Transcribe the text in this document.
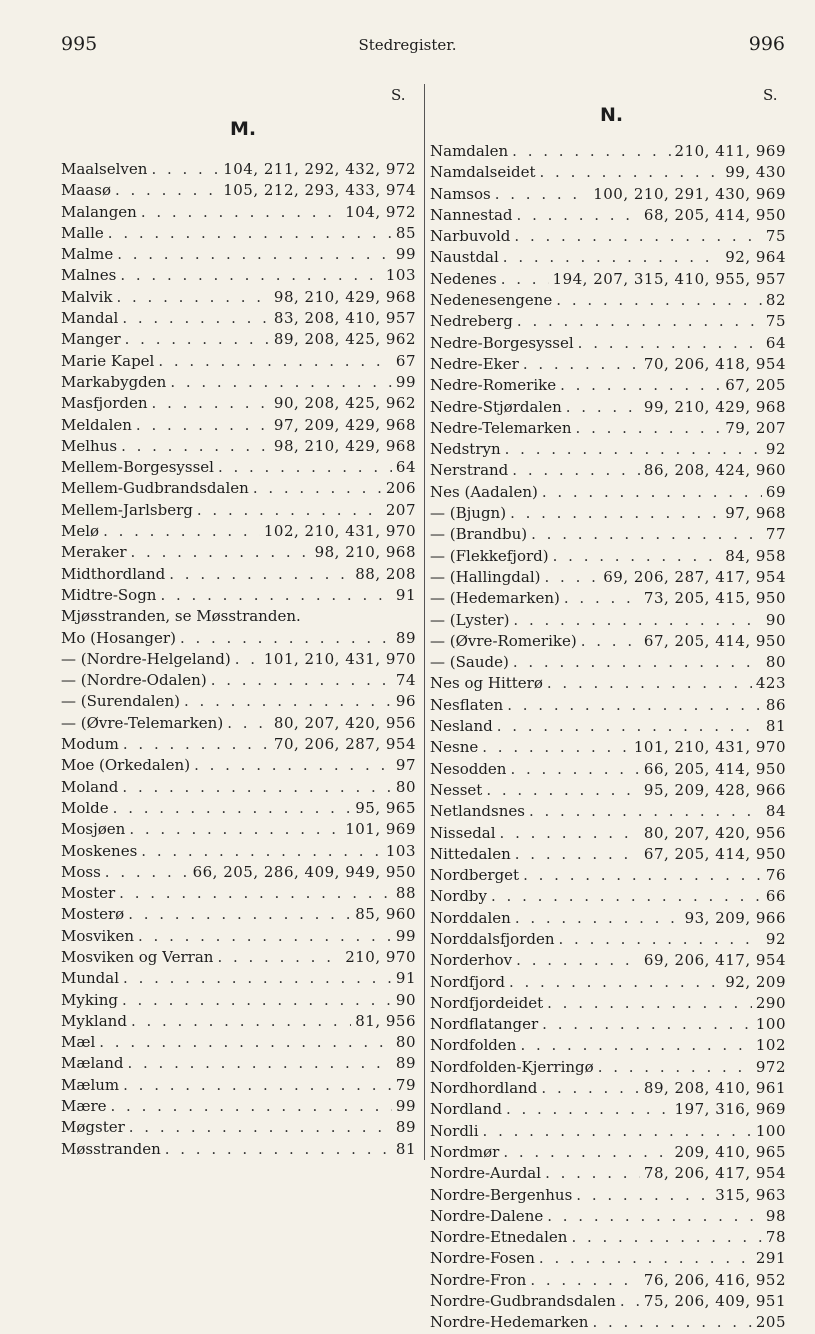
995	Stedregister.	996
S.	S.
M.
N.
Maalselven . . .	104, 211, 292, 432, 972
Maasø . . .	105, 212, 293, 433, 974
Malangen . . .	104, 972
Malle . . .	85
Malme . . .	99
Malnes . . .	103
Malvik . . .	98, 210, 429, 968
Mandal . . .	83, 208, 410, 957
Manger . . .	89, 208, 425, 962
Marie Kapel . . .	67
Markabygden . . .	99
Masfjorden . . .	90, 208, 425, 962
Meldalen . . .	97, 209, 429, 968
Melhus . . .	98, 210, 429, 968
Mellem-Borgesyssel . . .	64
Mellem-Gudbrandsdalen . . .	206
Mellem-Jarlsberg . . .	207
Melø . . .	102, 210, 431, 970
Meraker . . .	98, 210, 968
Midthordland . . .	88, 208
Midtre-Sogn . . .	91
Mjøsstranden, se Møsstranden.
Mo (Hosanger) . . .	89
— (Nordre-Helgeland) . . . 101, 210, 431, 970
— (Nordre-Odalen) . . .	74
— (Surendalen) . . .	96
— (Øvre-Telemarken) . . .	80, 207, 420, 956
Modum . . .	70, 206, 287, 954
Moe (Orkedalen) . . .	97
Moland . . .	80
Molde . . .	95, 965
Mosjøen . . .	101, 969
Moskenes . . .	103
Moss . . .	66, 205, 286, 409, 949, 950
Moster . . .	88
Mosterø . . .	85, 960
Mosviken . . .	99
Mosviken og Verran . . .	210, 970
Mundal . . .	91
Myking . . .	90
Mykland . . .	81, 956
Mæl . . .	80
Mæland . . .	89
Mælum . . .	79
Mære . . .	99
Møgster . . .	89
Møsstranden . . .	81
Namdalen . . .	210, 411, 969
Namdalseidet . . .	99, 430
Namsos . . .	100, 210, 291, 430, 969
Nannestad . . .	68, 205, 414, 950
Narbuvold . . .	75
Naustdal . . .	92, 964
Nedenes . . .	194, 207, 315, 410, 955, 957
Nedenesengene . . .	82
Nedreberg . . .	75
Nedre-Borgesyssel . . .	64
Nedre-Eker . . .	70, 206, 418, 954
Nedre-Romerike . . .	67, 205
Nedre-Stjørdalen . . .	99, 210, 429, 968
Nedre-Telemarken . . .	79, 207
Nedstryn . . .	92
Nerstrand . . .	86, 208, 424, 960
Nes (Aadalen) . . .	69
— (Bjugn) . . .	97, 968
— (Brandbu) . . .	77
— (Flekkefjord) . . .	84, 958
— (Hallingdal) . . .	69, 206, 287, 417, 954
— (Hedemarken) . . .	73, 205, 415, 950
— (Lyster) . . .	90
— (Øvre-Romerike) . . .	67, 205, 414, 950
— (Saude) . . .	80
Nes og Hitterø . . .	423
Nesflaten . . .	86
Nesland . . .	81
Nesne . . .	101, 210, 431, 970
Nesodden . . .	66, 205, 414, 950
Nesset . . .	95, 209, 428, 966
Netlandsnes . . .	84
Nissedal . . .	80, 207, 420, 956
Nittedalen . . .	67, 205, 414, 950
Nordberget . . .	76
Nordby . . .	66
Norddalen . . .	93, 209, 966
Norddalsfjorden . . .	92
Norderhov . . .	69, 206, 417, 954
Nordfjord . . .	92, 209
Nordfjordeidet . . .	290
Nordflatanger . . .	100
Nordfolden . . .	102
Nordfolden-Kjerringø . . .	972
Nordhordland . . .	89, 208, 410, 961
Nordland . . .	197, 316, 969
Nordli . . .	100
Nordmør . . .	209, 410, 965
Nordre-Aurdal . . .	78, 206, 417, 954
Nordre-Bergenhus . . .	315, 963
Nordre-Dalene . . .	98
Nordre-Etnedalen . . .	78
Nordre-Fosen . . .	291
Nordre-Fron . . .	76, 206, 416, 952
Nordre-Gudbrandsdalen . . . 75, 206, 409, 951
Nordre-Hedemarken . . .	205
